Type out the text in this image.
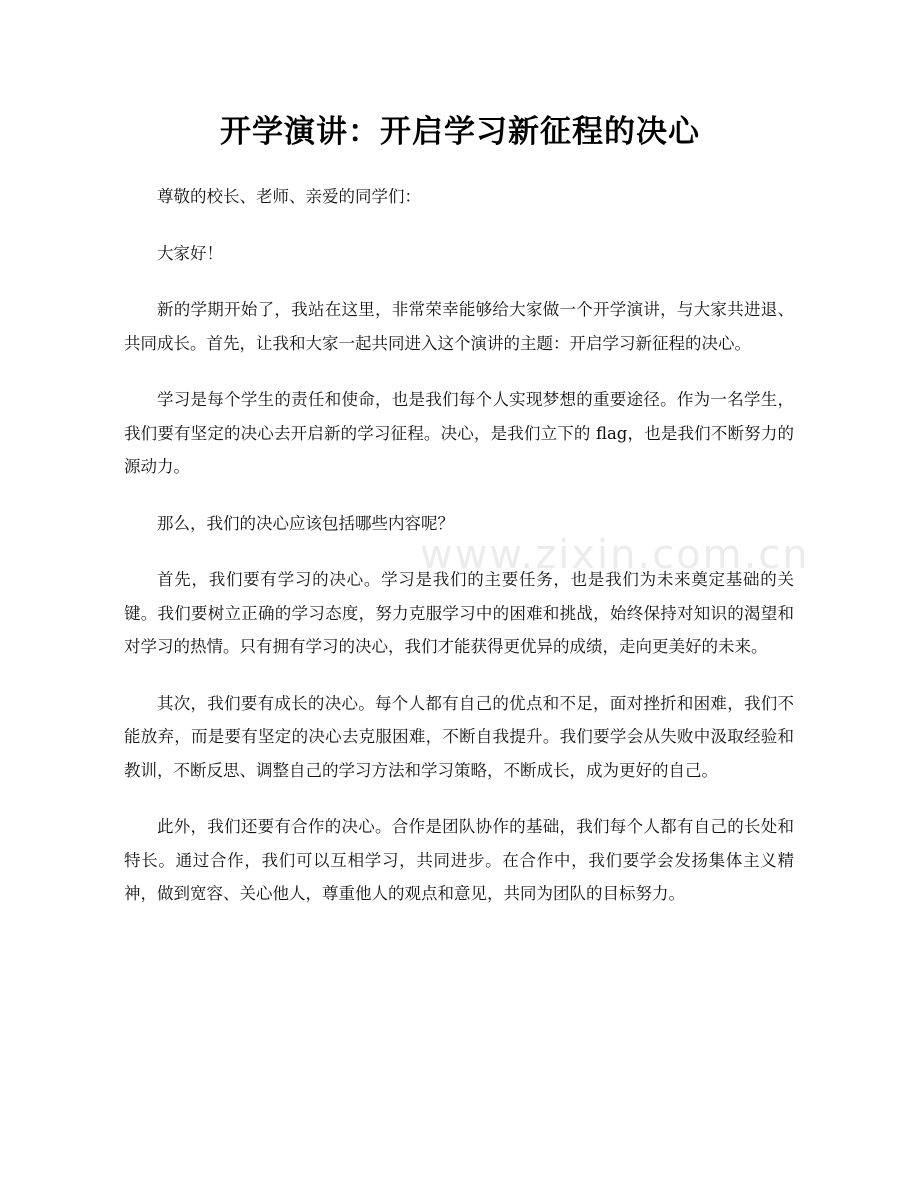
开学演讲：开启学习新征程的决心
www.zixin.com.cn

尊敬的校长、老师、亲爱的同学们：

大家好！

新的学期开始了，我站在这里，非常荣幸能够给大家做一个开学演讲，与大家共进退、共同成长。首先，让我和大家一起共同进入这个演讲的主题：开启学习新征程的决心。

学习是每个学生的责任和使命，也是我们每个人实现梦想的重要途径。作为一名学生，我们要有坚定的决心去开启新的学习征程。决心，是我们立下的 flag，也是我们不断努力的源动力。

那么，我们的决心应该包括哪些内容呢？

首先，我们要有学习的决心。学习是我们的主要任务，也是我们为未来奠定基础的关键。我们要树立正确的学习态度，努力克服学习中的困难和挑战，始终保持对知识的渴望和对学习的热情。只有拥有学习的决心，我们才能获得更优异的成绩，走向更美好的未来。

其次，我们要有成长的决心。每个人都有自己的优点和不足，面对挫折和困难，我们不能放弃，而是要有坚定的决心去克服困难，不断自我提升。我们要学会从失败中汲取经验和教训，不断反思、调整自己的学习方法和学习策略，不断成长，成为更好的自己。

此外，我们还要有合作的决心。合作是团队协作的基础，我们每个人都有自己的长处和特长。通过合作，我们可以互相学习，共同进步。在合作中，我们要学会发扬集体主义精神，做到宽容、关心他人，尊重他人的观点和意见，共同为团队的目标努力。
